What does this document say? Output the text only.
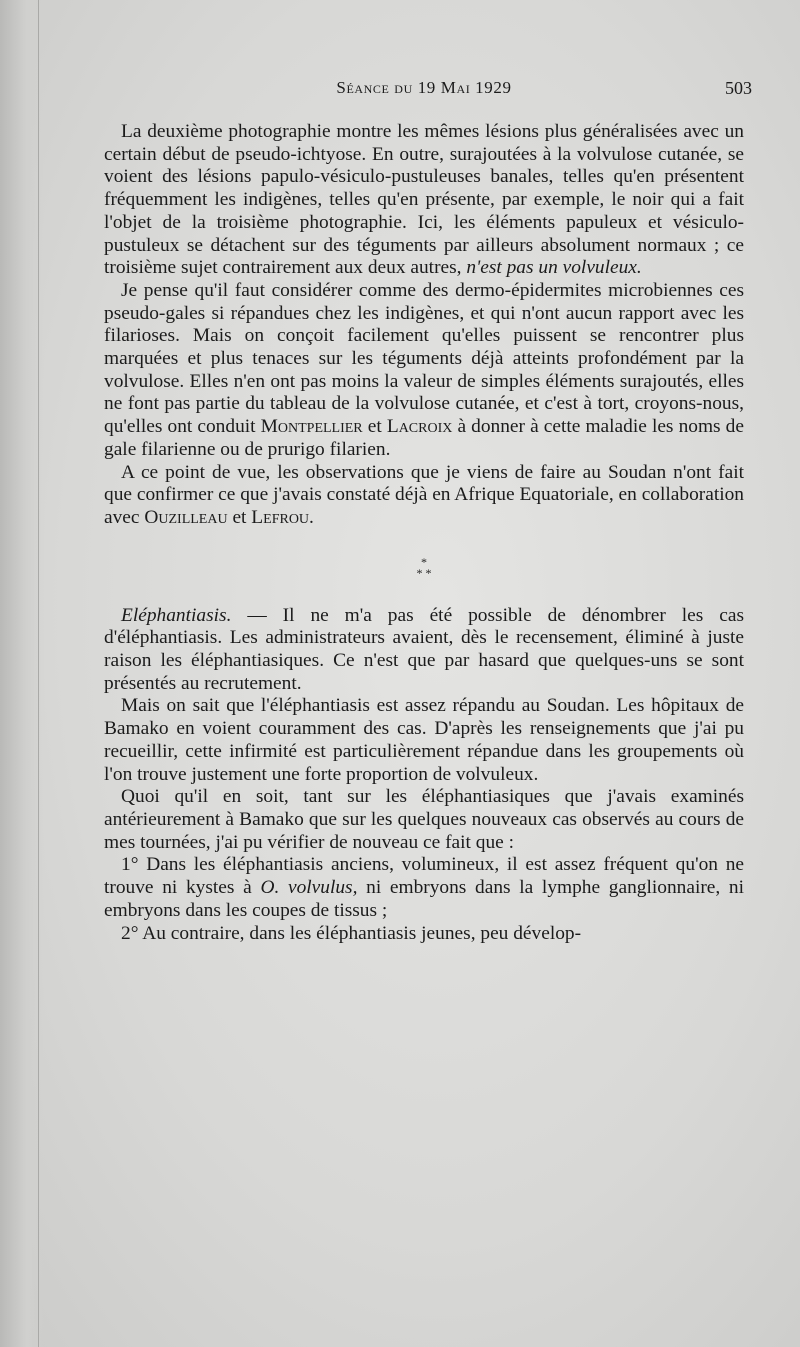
Séance du 19 Mai 1929	503

La deuxième photographie montre les mêmes lésions plus généralisées avec un certain début de pseudo-ichtyose. En outre, surajoutées à la volvulose cutanée, se voient des lésions papulo-vésiculo-pustuleuses banales, telles qu'en présentent fréquemment les indigènes, telles qu'en présente, par exemple, le noir qui a fait l'objet de la troisième photographie. Ici, les éléments papuleux et vésiculo-pustuleux se détachent sur des téguments par ailleurs absolument normaux ; ce troisième sujet contrairement aux deux autres, n'est pas un volvuleux.

Je pense qu'il faut considérer comme des dermo-épidermites microbiennes ces pseudo-gales si répandues chez les indigènes, et qui n'ont aucun rapport avec les filarioses. Mais on conçoit facilement qu'elles puissent se rencontrer plus marquées et plus tenaces sur les téguments déjà atteints profondément par la volvulose. Elles n'en ont pas moins la valeur de simples éléments surajoutés, elles ne font pas partie du tableau de la volvulose cutanée, et c'est à tort, croyons-nous, qu'elles ont conduit Montpellier et Lacroix à donner à cette maladie les noms de gale filarienne ou de prurigo filarien.

A ce point de vue, les observations que je viens de faire au Soudan n'ont fait que confirmer ce que j'avais constaté déjà en Afrique Equatoriale, en collaboration avec Ouzilleau et Lefrou.

*
* *

Eléphantiasis. — Il ne m'a pas été possible de dénombrer les cas d'éléphantiasis. Les administrateurs avaient, dès le recensement, éliminé à juste raison les éléphantiasiques. Ce n'est que par hasard que quelques-uns se sont présentés au recrutement.

Mais on sait que l'éléphantiasis est assez répandu au Soudan. Les hôpitaux de Bamako en voient couramment des cas. D'après les renseignements que j'ai pu recueillir, cette infirmité est particulièrement répandue dans les groupements où l'on trouve justement une forte proportion de volvuleux.

Quoi qu'il en soit, tant sur les éléphantiasiques que j'avais examinés antérieurement à Bamako que sur les quelques nouveaux cas observés au cours de mes tournées, j'ai pu vérifier de nouveau ce fait que :

1° Dans les éléphantiasis anciens, volumineux, il est assez fréquent qu'on ne trouve ni kystes à O. volvulus, ni embryons dans la lymphe ganglionnaire, ni embryons dans les coupes de tissus ;

2° Au contraire, dans les éléphantiasis jeunes, peu dévelop-
